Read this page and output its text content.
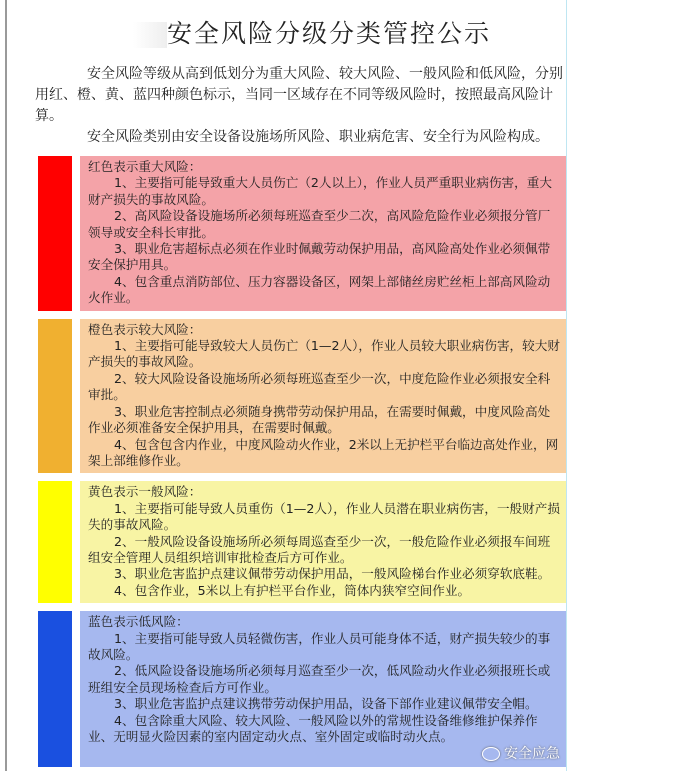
安全风险分级分类管控公示

安全风险等级从高到低划分为重大风险、较大风险、一般风险和低风险，分别用红、橙、黄、蓝四种颜色标示，当同一区域存在不同等级风险时，按照最高风险计算。

安全风险类别由安全设备设施场所风险、职业病危害、安全行为风险构成。

红色表示重大风险：

1、主要指可能导致重大人员伤亡（2人以上），作业人员严重职业病伤害，重大财产损失的事故风险。

2、高风险设备设施场所必须每班巡查至少二次，高风险危险作业必须报分管厂领导或安全科长审批。

3、职业危害超标点必须在作业时佩戴劳动保护用品，高风险高处作业必须佩带安全保护用具。

4、包含重点消防部位、压力容器设备区，网架上部储丝房贮丝柜上部高风险动火作业。

橙色表示较大风险：

1、主要指可能导致较大人员伤亡（1—2人），作业人员较大职业病伤害，较大财产损失的事故风险。

2、较大风险设备设施场所必须每班巡查至少一次，中度危险作业必须报安全科审批。

3、职业危害控制点必须随身携带劳动保护用品，在需要时佩戴，中度风险高处作业必须准备安全保护用具，在需要时佩戴。

4、包含包含内作业，中度风险动火作业，2米以上无护栏平台临边高处作业，网架上部维修作业。

黄色表示一般风险：

1、主要指可能导致人员重伤（1—2人），作业人员潜在职业病伤害，一般财产损失的事故风险。

2、一般风险设备设施场所必须每周巡查至少一次，一般危险作业必须报车间班组安全管理人员组织培训审批检查后方可作业。

3、职业危害监护点建议佩带劳动保护用品，一般风险梯台作业必须穿软底鞋。

4、包含作业，5米以上有护栏平台作业，筒体内狭窄空间作业。

蓝色表示低风险：

1、主要指可能导致人员轻微伤害，作业人员可能身体不适，财产损失较少的事故风险。

2、低风险设备设施场所必须每月巡查至少一次，低风险动火作业必须报班长或班组安全员现场检查后方可作业。

3、职业危害监护点建议携带劳动保护用品，设备下部作业建议佩带安全帽。

4、包含除重大风险、较大风险、一般风险以外的常规性设备维修维护保养作业、无明显火险因素的室内固定动火点、室外固定或临时动火点。

安全应急
